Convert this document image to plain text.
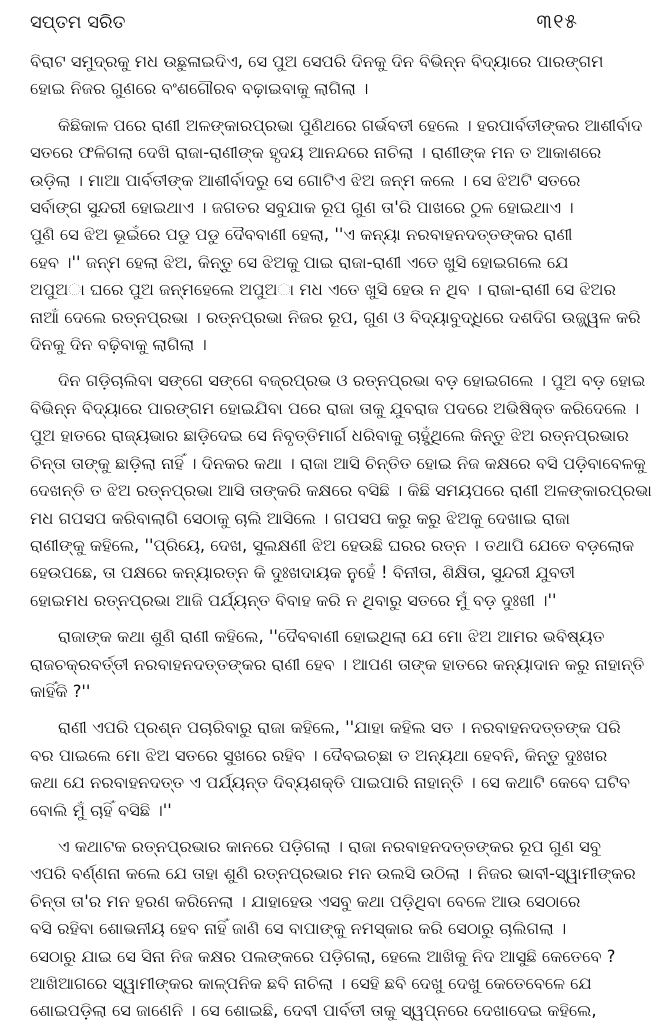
ସପ୍ତମ ସରିତ	୩୧୫
ବିରାଟ ସମୁଦ୍ରକୁ ମଧ ଉଛୁଳାଇଦିଏ, ସେ ପୁଅ ସେପରି ଦିନକୁ ଦିନ ବିଭିନ୍ନ ବିଦ୍ୟାରେ ପାରଙ୍ଗମ
ହୋଇ ନିଜର ଗୁଣରେ ବଂଶଗୌରବ ବଢ଼ାଇବାକୁ ଲାଗିଲା ।
କିଛିକାଳ ପରେ ରାଣୀ ଅଳଙ୍କାରପ୍ରଭା ପୁଣିଥରେ ଗର୍ଭବତୀ ହେଲେ । ହରପାର୍ବତୀଙ୍କର ଆଶୀର୍ବାଦ
ସତରେ ଫଳିଗଲା ଦେଖି ରାଜା-ରାଣୀଙ୍କ ହୃଦୟ ଆନନ୍ଦରେ ନାଚିଲା । ରାଣୀଙ୍କ ମନ ତ ଆକାଶରେ
ଉଡ଼ିଲା । ମାଆ ପାର୍ବତୀଙ୍କ ଆଶୀର୍ବାଦରୁ ସେ ଗୋଟିଏ ଝିଅ ଜନ୍ମ କଲେ । ସେ ଝିଅଟି ସତରେ
ସର୍ବାଙ୍ଗ ସୁନ୍ଦରୀ ହୋଇଥାଏ । ଜଗତର ସବୁଯାକ ରୂପ ଗୁଣ ତା'ରି ପାଖରେ ଠୁଳ ହୋଇଥାଏ ।
ପୁଣି ସେ ଝିଅ ଭୂଇଁରେ ପଡୁ ପଡୁ ଦୈବବାଣୀ ହେଲା, ''ଏ କନ୍ୟା ନରବାହନଦତ୍ତଙ୍କର ରାଣୀ
ହେବ ।'' ଜନ୍ମ ହେଲା ଝିଅ, କିନ୍ତୁ ସେ ଝିଅକୁ ପାଇ ରାଜା-ରାଣୀ ଏତେ ଖୁସି ହୋଇଗଲେ ଯେ
ଅପୁଅା ଘରେ ପୁଅ ଜନ୍ମହେଲେ ଅପୁଅା ମଧ ଏତେ ଖୁସି ହେଉ ନ ଥିବ । ରାଜା-ରାଣୀ ସେ ଝିଅର
ନାଆଁ ଦେଲେ ରତ୍ନପ୍ରଭା । ରତ୍ନପ୍ରଭା ନିଜର ରୂପ, ଗୁଣ ଓ ବିଦ୍ୟାବୁଦ୍ଧିରେ ଦଶଦିଗ ଉଜ୍ଜ୍ୱଳ କରି
ଦିନକୁ ଦିନ ବଢ଼ିବାକୁ ଲାଗିଲା ।
ଦିନ ଗଡ଼ିଚାଲିବା ସଙ୍ଗେ ସଙ୍ଗେ ବଜ୍ରପ୍ରଭ ଓ ରତ୍ନପ୍ରଭା ବଡ଼ ହୋଇଗଲେ । ପୁଅ ବଡ଼ ହୋଇ
ବିଭିନ୍ନ ବିଦ୍ୟାରେ ପାରଙ୍ଗମ ହୋଇଯିବା ପରେ ରାଜା ତାକୁ ଯୁବରାଜ ପଦରେ ଅଭିଷିକ୍ତ କରିଦେଲେ ।
ପୁଅ ହାତରେ ରାଜ୍ୟଭାର ଛାଡ଼ିଦେଇ ସେ ନିବୃତ୍ତିମାର୍ଗ ଧରିବାକୁ ଚାହୁଁଥିଲେ କିନ୍ତୁ ଝିଅ ରତ୍ନପ୍ରଭାର
ଚିନ୍ତା ତାଙ୍କୁ ଛାଡ଼ିଲା ନାହିଁ । ଦିନକର କଥା । ରାଜା ଆସି ଚିନ୍ତିତ ହୋଇ ନିଜ କକ୍ଷରେ ବସି ପଡ଼ିବାବେଳକୁ
ଦେଖନ୍ତି ତ ଝିଅ ରତ୍ନପ୍ରଭା ଆସି ତାଙ୍କରି କକ୍ଷରେ ବସିଛି । କିଛି ସମୟପରେ ରାଣୀ ଅଳଙ୍କାରପ୍ରଭା
ମଧ ଗପସପ କରିବାଲାଗି ସେଠାକୁ ଚାଲି ଆସିଲେ । ଗପସପ କରୁ କରୁ ଝିଅକୁ ଦେଖାଇ ରାଜା
ରାଣୀଙ୍କୁ କହିଲେ, ''ପ୍ରିୟେ, ଦେଖ, ସୁଲକ୍ଷଣୀ ଝିଅ ହେଉଛି ଘରର ରତ୍ନ । ତଥାପି ଯେତେ ବଡ଼ଲୋକ
ହେଉପଛେ, ତା ପକ୍ଷରେ କନ୍ୟାରତ୍ନ କି ଦୁଃଖଦାୟକ ନୁହେଁ ! ବିନୀତା, ଶିକ୍ଷିତା, ସୁନ୍ଦରୀ ଯୁବତୀ
ହୋଇମଧ ରତ୍ନପ୍ରଭା ଆଜି ପର୍ଯ୍ୟନ୍ତ ବିବାହ କରି ନ ଥିବାରୁ ସତରେ ମୁଁ ବଡ଼ ଦୁଃଖୀ ।''
ରାଜାଙ୍କ କଥା ଶୁଣି ରାଣୀ କହିଲେ, ''ଦୈବବାଣୀ ହୋଇଥିଲା ଯେ ମୋ ଝିଅ ଆମର ଭବିଷ୍ୟତ
ରାଜଚକ୍ରବର୍ତ୍ତୀ ନରବାହନଦତ୍ତଙ୍କର ରାଣୀ ହେବ । ଆପଣ ତାଙ୍କ ହାତରେ କନ୍ୟାଦାନ କରୁ ନାହାନ୍ତି
କାହିଁକି ?''
ରାଣୀ ଏପରି ପ୍ରଶ୍ନ ପଚାରିବାରୁ ରାଜା କହିଲେ, ''ଯାହା କହିଲ ସତ । ନରବାହନଦତ୍ତଙ୍କ ପରି
ବର ପାଇଲେ ମୋ ଝିଅ ସତରେ ସୁଖରେ ରହିବ । ଦୈବଇଚ୍ଛା ତ ଅନ୍ୟଥା ହେବନି, କିନ୍ତୁ ଦୁଃଖର
କଥା ଯେ ନରବାହନଦତ୍ତ ଏ ପର୍ଯ୍ୟନ୍ତ ଦିବ୍ୟଶକ୍ତି ପାଇପାରି ନାହାନ୍ତି । ସେ କଥାଟି କେବେ ଘଟିବ
ବୋଲି ମୁଁ ଚାହିଁ ବସିଛି ।''
ଏ କଥାଟକ ରତ୍ନପ୍ରଭାର କାନରେ ପଡ଼ିଗଲା । ରାଜା ନରବାହନଦତ୍ତଙ୍କର ରୂପ ଗୁଣ ସବୁ
ଏପରି ବର୍ଣ୍ଣନା କଲେ ଯେ ତାହା ଶୁଣି ରତ୍ନପ୍ରଭାର ମନ ଉଲସି ଉଠିଲା । ନିଜର ଭାବୀ-ସ୍ୱାମୀଙ୍କର
ଚିନ୍ତା ତା'ର ମନ ହରଣ କରିନେଲା । ଯାହାହେଉ ଏସବୁ କଥା ପଡ଼ିଥିବା ବେଳେ ଆଉ ସେଠାରେ
ବସି ରହିବା ଶୋଭନୀୟ ହେବ ନାହିଁ ଜାଣି ସେ ବାପାଙ୍କୁ ନମସ୍କାର କରି ସେଠାରୁ ଚାଲିଗଲା ।
ସେଠାରୁ ଯାଇ ସେ ସିନା ନିଜ କକ୍ଷର ପଲଙ୍କରେ ପଡ଼ିଗଲା, ହେଲେ ଆଖିକୁ ନିଦ ଆସୁଛି କେତେବେ ?
ଆଖିଆଗରେ ସ୍ୱାମୀଙ୍କର କାଳ୍ପନିକ ଛବି ନାଚିଲା । ସେହି ଛବି ଦେଖୁ ଦେଖୁ କେତେବେଳେ ଯେ
ଶୋଇପଡ଼ିଲା ସେ ଜାଣେନି । ସେ ଶୋଇଛି, ଦେବୀ ପାର୍ବତୀ ତାକୁ ସ୍ୱପ୍ନରେ ଦେଖାଦେଇ କହିଲେ,
